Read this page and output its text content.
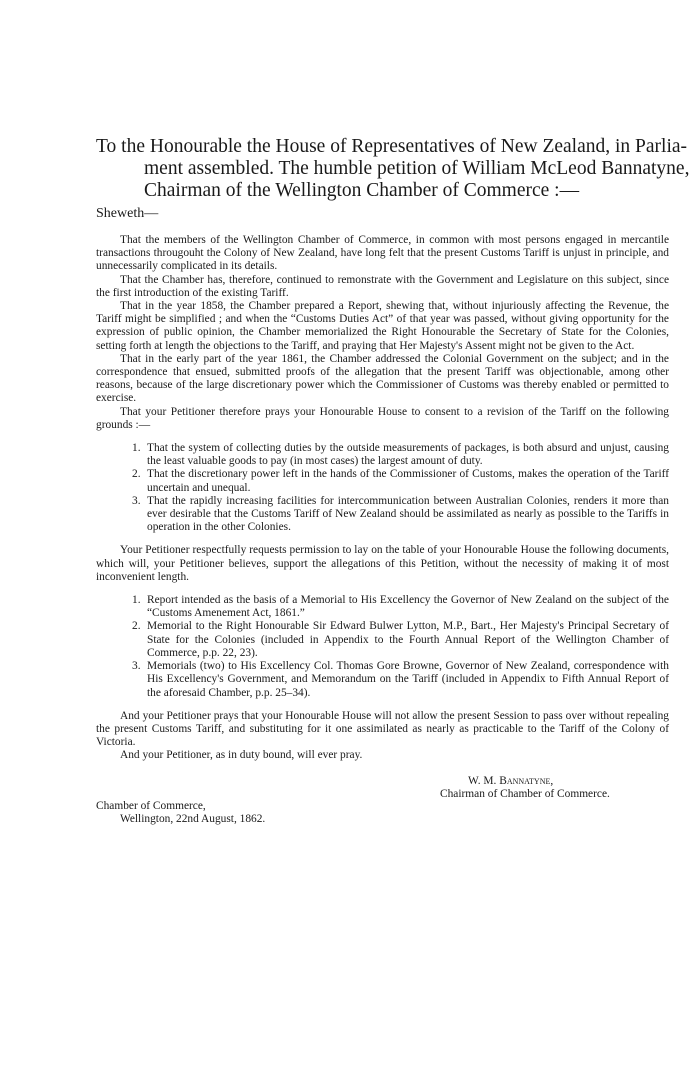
To the Honourable the House of Representatives of New Zealand, in Parlia-
ment assembled. The humble petition of William McLeod Bannatyne,
Chairman of the Wellington Chamber of Commerce :—
Sheweth—

That the members of the Wellington Chamber of Commerce, in common with most persons engaged in mercantile transactions througouht the Colony of New Zealand, have long felt that the present Customs Tariff is unjust in principle, and unnecessarily complicated in its details.

That the Chamber has, therefore, continued to remonstrate with the Government and Legislature on this subject, since the first introduction of the existing Tariff.

That in the year 1858, the Chamber prepared a Report, shewing that, without injuriously affecting the Revenue, the Tariff might be simplified ; and when the “Customs Duties Act” of that year was passed, without giving opportunity for the expression of public opinion, the Chamber memorialized the Right Honourable the Secretary of State for the Colonies, setting forth at length the objections to the Tariff, and praying that Her Majesty's Assent might not be given to the Act.

That in the early part of the year 1861, the Chamber addressed the Colonial Government on the subject; and in the correspondence that ensued, submitted proofs of the allegation that the present Tariff was objectionable, among other reasons, because of the large discretionary power which the Commissioner of Customs was thereby enabled or permitted to exercise.

That your Petitioner therefore prays your Honourable House to consent to a revision of the Tariff on the following grounds :—

1. That the system of collecting duties by the outside measurements of packages, is both absurd and unjust, causing the least valuable goods to pay (in most cases) the largest amount of duty.
2. That the discretionary power left in the hands of the Commissioner of Customs, makes the operation of the Tariff uncertain and unequal.
3. That the rapidly increasing facilities for intercommunication between Australian Colonies, renders it more than ever desirable that the Customs Tariff of New Zealand should be assimilated as nearly as possible to the Tariffs in operation in the other Colonies.

Your Petitioner respectfully requests permission to lay on the table of your Honourable House the following documents, which will, your Petitioner believes, support the allegations of this Petition, without the necessity of making it of most inconvenient length.

1. Report intended as the basis of a Memorial to His Excellency the Governor of New Zealand on the subject of the “Customs Amenement Act, 1861.”
2. Memorial to the Right Honourable Sir Edward Bulwer Lytton, M.P., Bart., Her Majesty's Principal Secretary of State for the Colonies (included in Appendix to the Fourth Annual Report of the Wellington Chamber of Commerce, p.p. 22, 23).
3. Memorials (two) to His Excellency Col. Thomas Gore Browne, Governor of New Zealand, correspondence with His Excellency's Government, and Memorandum on the Tariff (included in Appendix to Fifth Annual Report of the aforesaid Chamber, p.p. 25–34).

And your Petitioner prays that your Honourable House will not allow the present Session to pass over without repealing the present Customs Tariff, and substituting for it one assimilated as nearly as practicable to the Tariff of the Colony of Victoria.

And your Petitioner, as in duty bound, will ever pray.

W. M. Bannatyne,
Chairman of Chamber of Commerce.
Chamber of Commerce,
Wellington, 22nd August, 1862.
